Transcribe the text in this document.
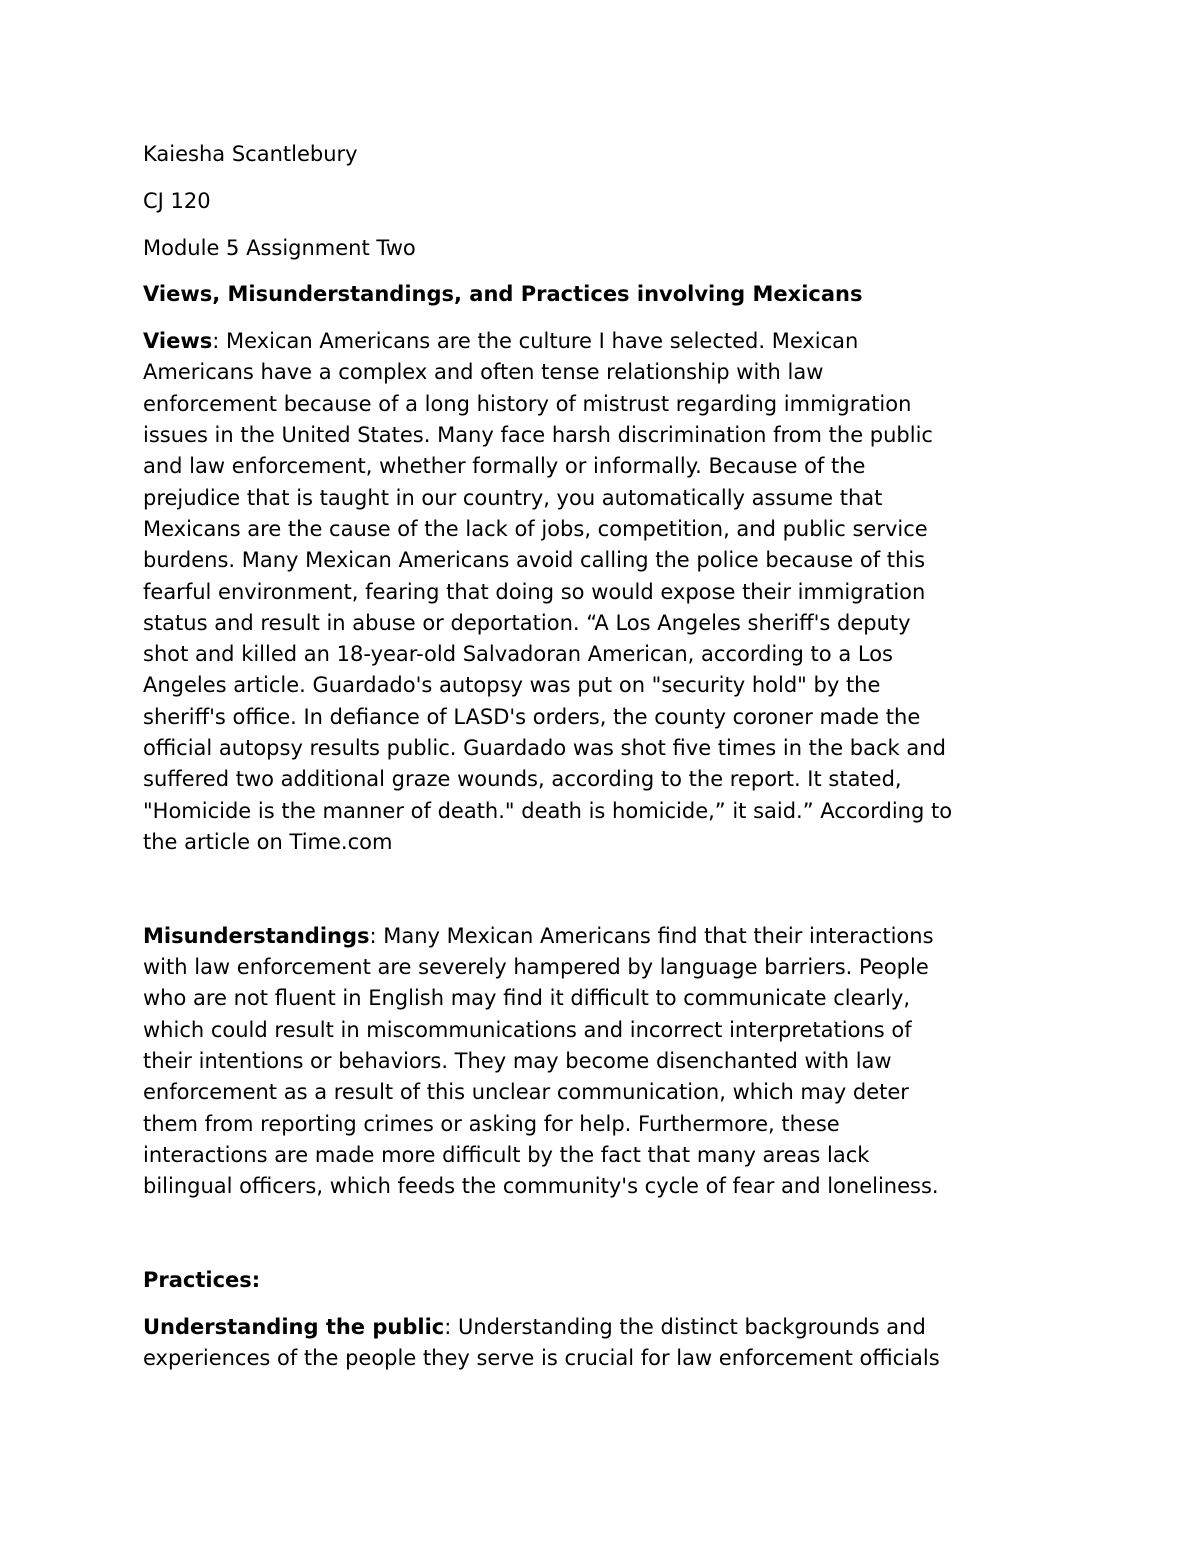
Kaiesha Scantlebury
CJ 120
Module 5 Assignment Two
Views, Misunderstandings, and Practices involving Mexicans
Views: Mexican Americans are the culture I have selected. Mexican
Americans have a complex and often tense relationship with law
enforcement because of a long history of mistrust regarding immigration
issues in the United States. Many face harsh discrimination from the public
and law enforcement, whether formally or informally. Because of the
prejudice that is taught in our country, you automatically assume that
Mexicans are the cause of the lack of jobs, competition, and public service
burdens. Many Mexican Americans avoid calling the police because of this
fearful environment, fearing that doing so would expose their immigration
status and result in abuse or deportation. “A Los Angeles sheriff's deputy
shot and killed an 18-year-old Salvadoran American, according to a Los
Angeles article. Guardado's autopsy was put on "security hold" by the
sheriff's office. In defiance of LASD's orders, the county coroner made the
official autopsy results public. Guardado was shot five times in the back and
suffered two additional graze wounds, according to the report. It stated,
"Homicide is the manner of death." death is homicide,” it said.” According to
the article on Time.com
Misunderstandings: Many Mexican Americans find that their interactions
with law enforcement are severely hampered by language barriers. People
who are not fluent in English may find it difficult to communicate clearly,
which could result in miscommunications and incorrect interpretations of
their intentions or behaviors. They may become disenchanted with law
enforcement as a result of this unclear communication, which may deter
them from reporting crimes or asking for help. Furthermore, these
interactions are made more difficult by the fact that many areas lack
bilingual officers, which feeds the community's cycle of fear and loneliness.
Practices:
Understanding the public: Understanding the distinct backgrounds and
experiences of the people they serve is crucial for law enforcement officials
